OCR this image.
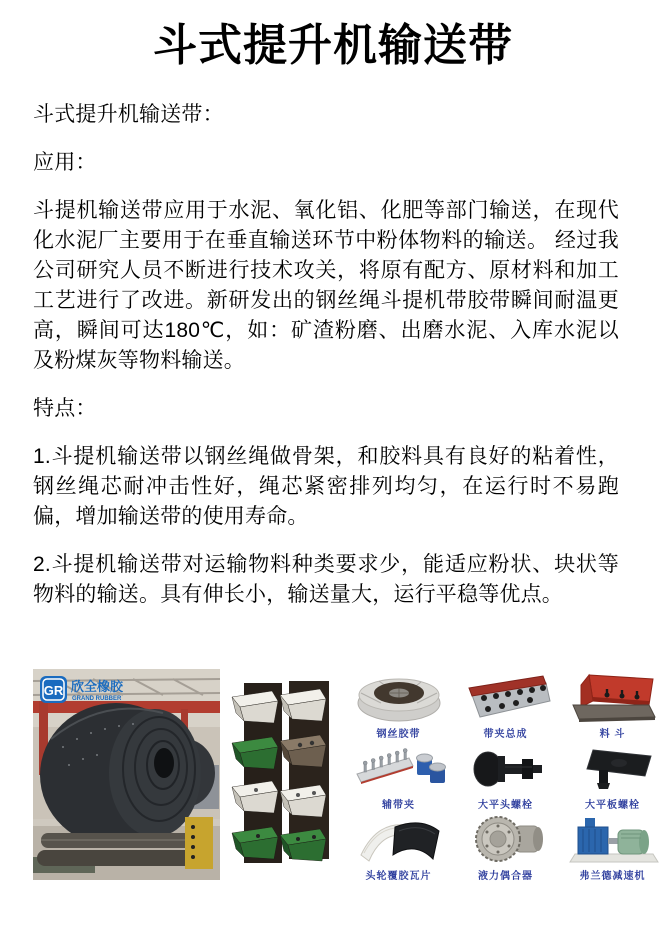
斗式提升机输送带

斗式提升机输送带：

应用：

斗提机输送带应用于水泥、氧化铝、化肥等部门输送，在现代化水泥厂主要用于在垂直输送环节中粉体物料的输送。 经过我公司研究人员不断进行技术攻关，将原有配方、原材料和加工工艺进行了改进。新研发出的钢丝绳斗提机带胶带瞬间耐温更高，瞬间可达180℃，如：矿渣粉磨、出磨水泥、入库水泥以及粉煤灰等物料输送。

特点：

1.斗提机输送带以钢丝绳做骨架，和胶料具有良好的粘着性，钢丝绳芯耐冲击性好，绳芯紧密排列均匀，在运行时不易跑偏，增加输送带的使用寿命。

2.斗提机输送带对运输物料种类要求少，能适应粉状、块状等物料的输送。具有伸长小，输送量大，运行平稳等优点。

GR 欣全橡胶
GRAND RUBBER
钢丝胶带	带夹总成	料 斗
辅带夹	大平头螺栓	大平板螺栓
头轮覆胶瓦片	液力偶合器	弗兰德减速机
